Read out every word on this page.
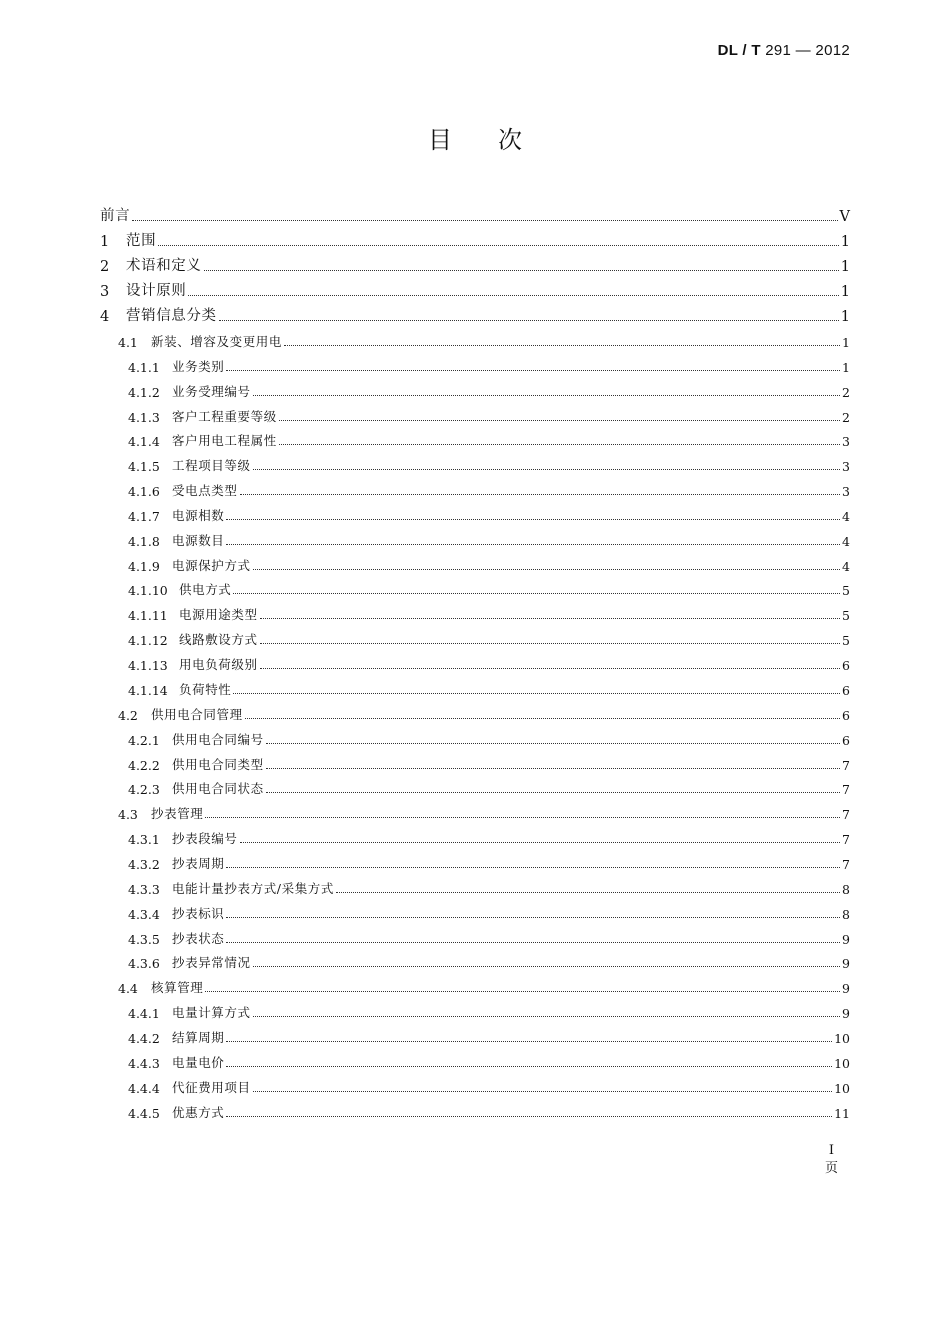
DL / T 291 — 2012
目次
前言	V
1	范围	1
2	术语和定义	1
3	设计原则	1
4	营销信息分类	1
4.1	新装、增容及变更用电	1
4.1.1 业务类别	1
4.1.2 业务受理编号	2
4.1.3 客户工程重要等级	2
4.1.4 客户用电工程属性	3
4.1.5 工程项目等级	3
4.1.6 受电点类型	3
4.1.7 电源相数	4
4.1.8 电源数目	4
4.1.9 电源保护方式	4
4.1.10 供电方式	5
4.1.11 电源用途类型	5
4.1.12 线路敷设方式	5
4.1.13 用电负荷级别	6
4.1.14 负荷特性	6
4.2	供用电合同管理	6
4.2.1 供用电合同编号	6
4.2.2 供用电合同类型	7
4.2.3 供用电合同状态	7
4.3	抄表管理	7
4.3.1 抄表段编号	7
4.3.2 抄表周期	7
4.3.3 电能计量抄表方式/采集方式	8
4.3.4 抄表标识	8
4.3.5 抄表状态	9
4.3.6 抄表异常情况	9
4.4	核算管理	9
4.4.1 电量计算方式	9
4.4.2 结算周期	10
4.4.3 电量电价	10
4.4.4 代征费用项目	10
4.4.5 优惠方式	11
I
页
